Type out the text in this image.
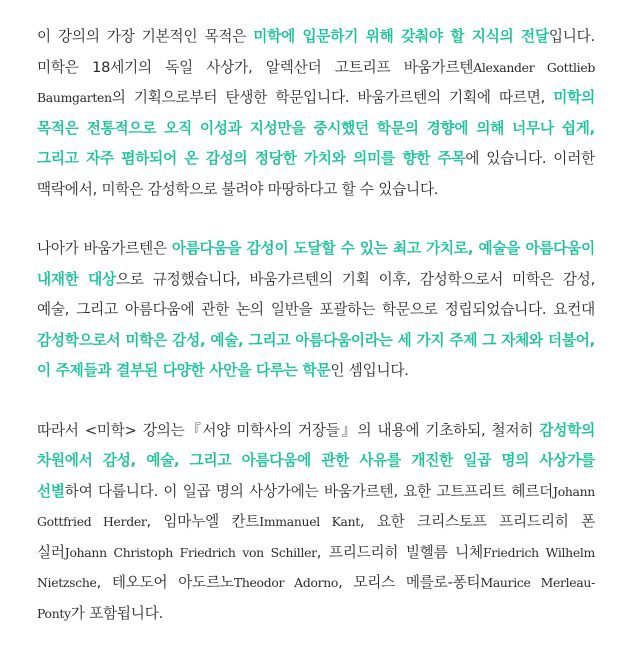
이 강의의 가장 기본적인 목적은 미학에 입문하기 위해 갖춰야 할 지식의 전달입니다. 미학은 18세기의 독일 사상가, 알렉산더 고트리프 바움가르텐Alexander Gottlieb Baumgarten의 기획으로부터 탄생한 학문입니다. 바움가르텐의 기획에 따르면, 미학의 목적은 전통적으로 오직 이성과 지성만을 중시했던 학문의 경향에 의해 너무나 쉽게, 그리고 자주 폄하되어 온 감성의 정당한 가치와 의미를 향한 주목에 있습니다. 이러한 맥락에서, 미학은 감성학으로 불려야 마땅하다고 할 수 있습니다.

나아가 바움가르텐은 아름다움을 감성이 도달할 수 있는 최고 가치로, 예술을 아름다움이 내재한 대상으로 규정했습니다, 바움가르텐의 기획 이후, 감성학으로서 미학은 감성, 예술, 그리고 아름다움에 관한 논의 일반을 포괄하는 학문으로 정립되었습니다. 요컨대 감성학으로서 미학은 감성, 예술, 그리고 아름다움이라는 세 가지 주제 그 자체와 더불어, 이 주제들과 결부된 다양한 사안을 다루는 학문인 셈입니다.

따라서 <미학> 강의는『서양 미학사의 거장들』의 내용에 기초하되, 철저히 감성학의 차원에서 감성, 예술, 그리고 아름다움에 관한 사유를 개진한 일곱 명의 사상가를 선별하여 다룹니다. 이 일곱 명의 사상가에는 바움가르텐, 요한 고트프리트 헤르더Johann Gottfried Herder, 임마누엘 칸트Immanuel Kant, 요한 크리스토프 프리드리히 폰 실러Johann Christoph Friedrich von Schiller, 프리드리히 빌헬름 니체Friedrich Wilhelm Nietzsche, 테오도어 아도르노Theodor Adorno, 모리스 메를로-퐁티Maurice Merleau-Ponty가 포함됩니다.
